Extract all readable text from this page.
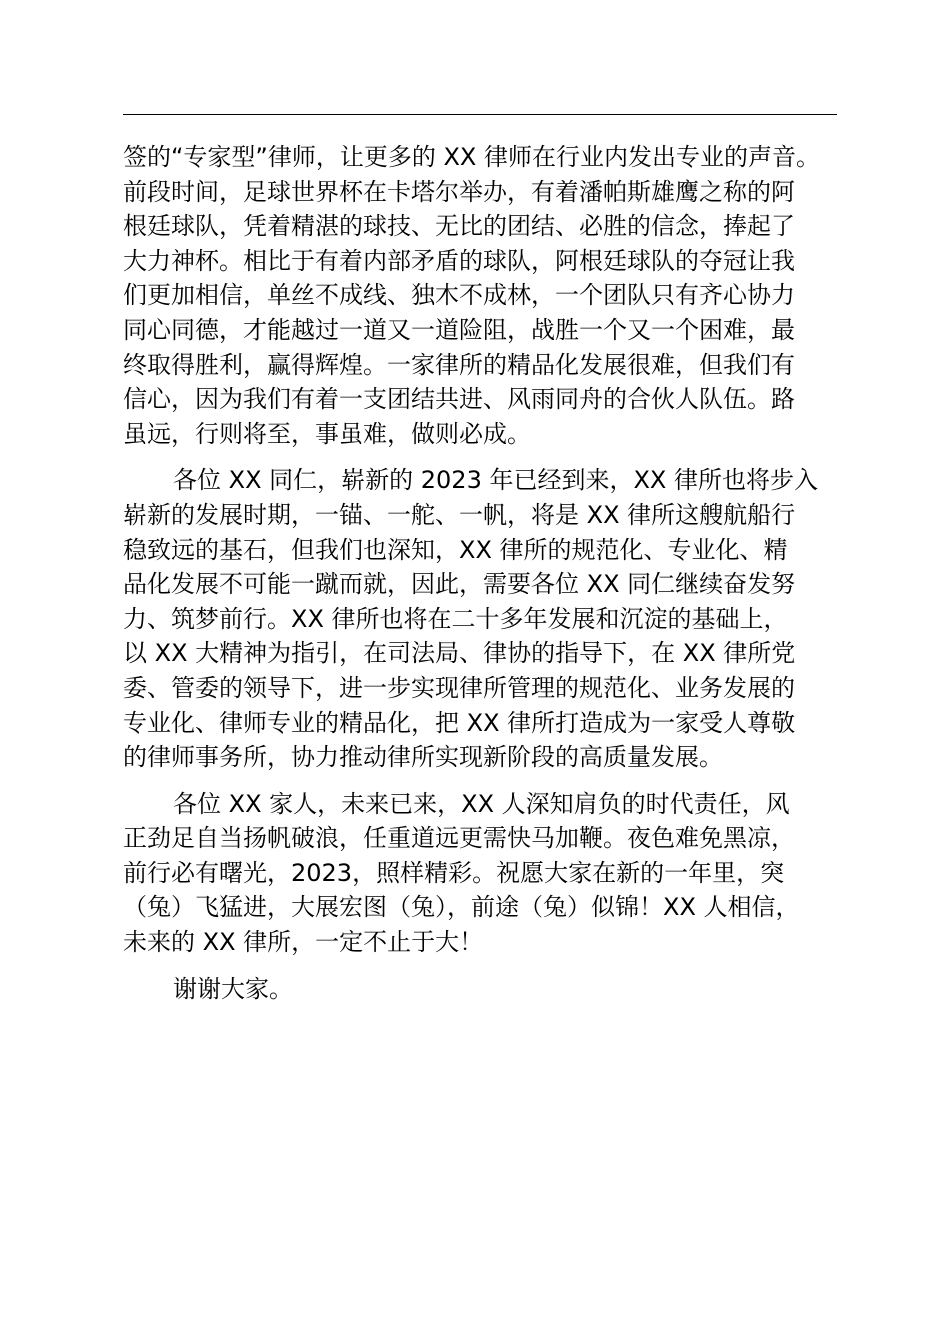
签的“专家型”律师，让更多的 XX 律师在行业内发出专业的声音。
前段时间，足球世界杯在卡塔尔举办，有着潘帕斯雄鹰之称的阿
根廷球队，凭着精湛的球技、无比的团结、必胜的信念，捧起了
大力神杯。相比于有着内部矛盾的球队，阿根廷球队的夺冠让我
们更加相信，单丝不成线、独木不成林，一个团队只有齐心协力
同心同德，才能越过一道又一道险阻，战胜一个又一个困难，最
终取得胜利，赢得辉煌。一家律所的精品化发展很难，但我们有
信心，因为我们有着一支团结共进、风雨同舟的合伙人队伍。路
虽远，行则将至，事虽难，做则必成。
各位 XX 同仁，崭新的 2023 年已经到来，XX 律所也将步入
崭新的发展时期，一锚、一舵、一帆，将是 XX 律所这艘航船行
稳致远的基石，但我们也深知，XX 律所的规范化、专业化、精
品化发展不可能一蹴而就，因此，需要各位 XX 同仁继续奋发努
力、筑梦前行。XX 律所也将在二十多年发展和沉淀的基础上，
以 XX 大精神为指引，在司法局、律协的指导下，在 XX 律所党
委、管委的领导下，进一步实现律所管理的规范化、业务发展的
专业化、律师专业的精品化，把 XX 律所打造成为一家受人尊敬
的律师事务所，协力推动律所实现新阶段的高质量发展。
各位 XX 家人，未来已来，XX 人深知肩负的时代责任，风
正劲足自当扬帆破浪，任重道远更需快马加鞭。夜色难免黑凉，
前行必有曙光，2023，照样精彩。祝愿大家在新的一年里，突
（兔）飞猛进，大展宏图（兔），前途（兔）似锦！XX 人相信，
未来的 XX 律所，一定不止于大！
谢谢大家。
